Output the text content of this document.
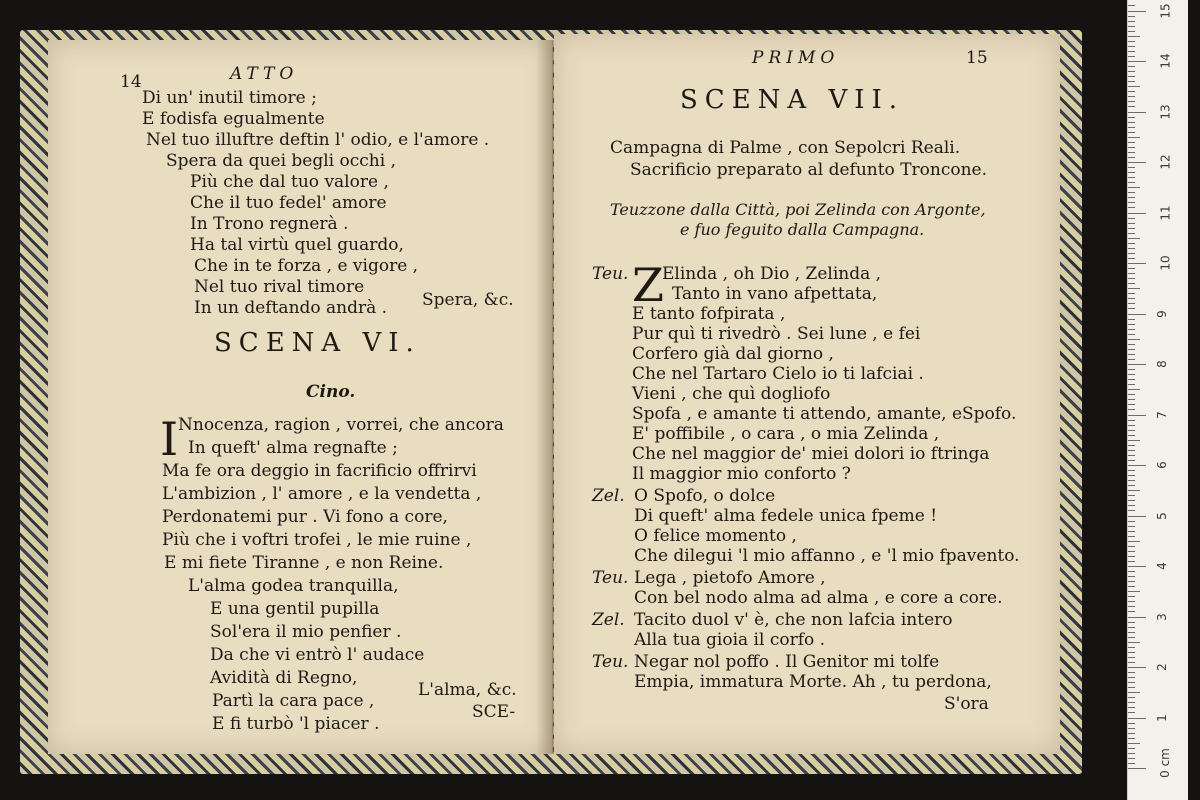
14	ATTO
Di un' inutil timore ;
E fodisfa egualmente
Nel tuo illuftre deftin l' odio, e l'amore .
Spera da quei begli occhi ,
Più che dal tuo valore ,
Che il tuo fedel' amore
In Trono regnerà .
Ha tal virtù quel guardo,
Che in te forza , e vigore ,
Nel tuo rival timore
In un deftando andrà . Spera, &c.
SCENA VI.
Cino.
I Nnocenza, ragion , vorrei, che ancora
In queft' alma regnafte ;
Ma fe ora deggio in facrificio offrirvi
L'ambizion , l' amore , e la vendetta ,
Perdonatemi pur . Vi fono a core,
Più che i voftri trofei , le mie ruine ,
E mi fiete Tiranne , e non Reine.
L'alma godea tranquilla,
E una gentil pupilla
Sol'era il mio penfier .
Da che vi entrò l' audace
Avidità di Regno,
Partì la cara pace ,
E fi turbò 'l piacer .
L'alma, &c.
SCE-
PRIMO	15
SCENA VII.
Campagna di Palme , con Sepolcri Reali.
Sacrificio preparato al defunto Troncone.
Teuzzone dalla Città, poi Zelinda con Argonte,
e fuo feguito dalla Campagna.
Teu. Z
Elinda , oh Dio , Zelinda ,
Tanto in vano afpettata,
E tanto fofpirata ,
Pur quì ti rivedrò . Sei lune , e fei
Corfero già dal giorno ,
Che nel Tartaro Cielo io ti lafciai .
Vieni , che quì dogliofo
Spofa , e amante ti attendo, amante, eSpofo.
E' poffibile , o cara , o mia Zelinda ,
Che nel maggior de' miei dolori io ftringa
Il maggior mio conforto ?
Zel. O Spofo, o dolce
Di queft' alma fedele unica fpeme !
O felice momento ,
Che dilegui 'l mio affanno , e 'l mio fpavento.
Teu. Lega , pietofo Amore ,
Con bel nodo alma ad alma , e core a core.
Zel. Tacito duol v' è, che non lafcia intero
Alla tua gioia il corfo .
Teu. Negar nol poffo . Il Genitor mi tolfe
Empia, immatura Morte. Ah , tu perdona,
S'ora
0 cm
1
2
3
4
5
6
7
8
9
10
11
12
13
14
15
